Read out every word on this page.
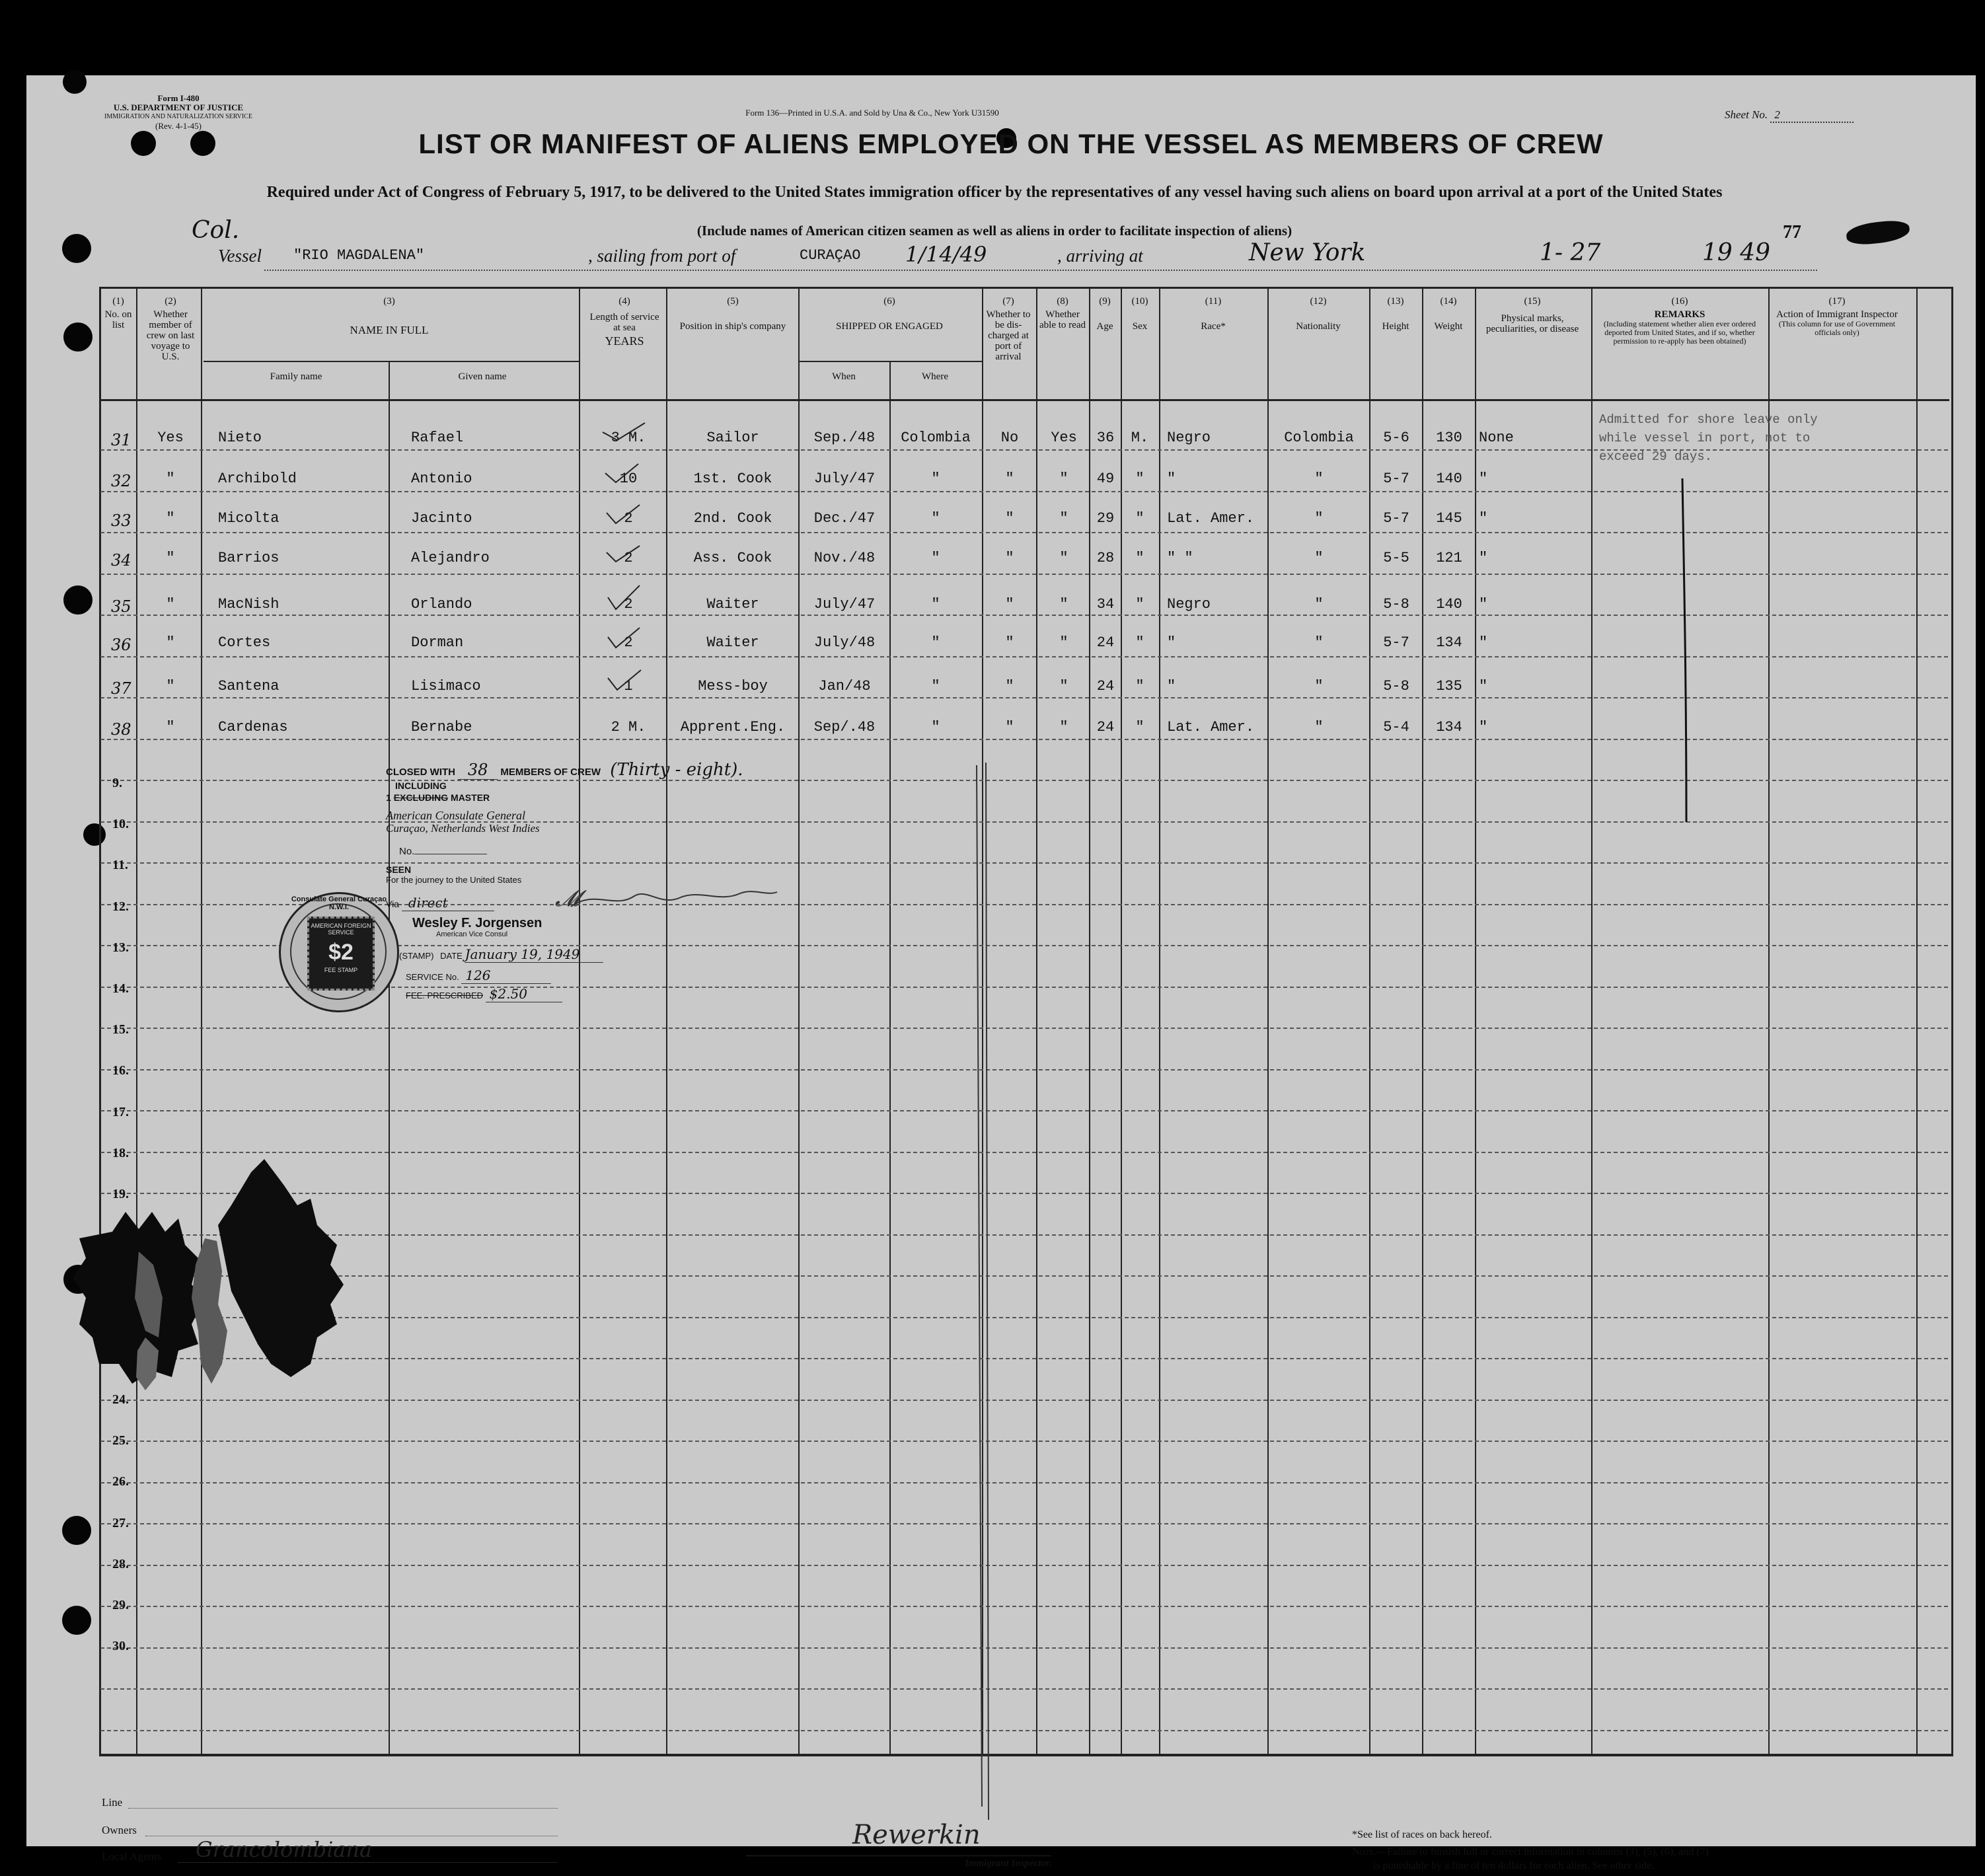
Form I-480
U.S. DEPARTMENT OF JUSTICE
IMMIGRATION AND NATURALIZATION SERVICE
(Rev. 4-1-45)
Form 136—Printed in U.S.A. and Sold by Una & Co., New York U31590	Sheet No. 2
LIST OR MANIFEST OF ALIENS EMPLOYED ON THE VESSEL AS MEMBERS OF CREW
Required under Act of Congress of February 5, 1917, to be delivered to the United States immigration officer by the representatives of any vessel having such aliens on board upon arrival at a port of the United States
(Include names of American citizen seamen as well as aliens in order to facilitate inspection of aliens)
Col.	77
Vessel "RIO MAGDALENA"	, sailing from port of	CURAÇAO 1/14/49	, arriving at	New York	1- 27	19 49
(1)
No. on list
(2)
Whether member of crew on last voyage to U.S.
(3)
NAME IN FULL
Family name	Given name
(4)
Length of service at sea
YEARS
(5)
Position in ship's company
(6)
SHIPPED OR ENGAGED
When	Where
(7)
Whether to be dis-charged at port of arrival
(8)
Whether able to read
(9)
Age
(10)
Sex
(11)
Race*
(12)
Nationality
(13)
Height
(14)
Weight
(15)
Physical marks, peculiarities, or disease
(16)
REMARKS
(Including statement whether alien ever ordered deported from United States, and if so, whether permission to re-apply has been obtained)
(17)
Action of Immigrant Inspector
(This column for use of Government officials only)
31	Yes	Nieto	Rafael	3 M.	Sailor	Sep./48	Colombia	No	Yes	36	M.	Negro	Colombia	5-6	130	None
32	"	Archibold	Antonio	10	1st. Cook	July/47	"	"	"	49	"	"	"	5-7	140	"
33	"	Micolta	Jacinto	2	2nd. Cook	Dec./47	"	"	"	29	"	Lat. Amer.	"	5-7	145	"
34	"	Barrios	Alejandro	2	Ass. Cook	Nov./48	"	"	"	28	"	" "	"	5-5	121	"
35	"	MacNish	Orlando	2	Waiter	July/47	"	"	"	34	"	Negro	"	5-8	140	"
36	"	Cortes	Dorman	2	Waiter	July/48	"	"	"	24	"	"	"	5-7	134	"
37	"	Santena	Lisimaco	1	Mess-boy	Jan/48	"	"	"	24	"	"	"	5-8	135	"
38	"	Cardenas	Bernabe	2 M.	Apprent.Eng.	Sep/.48	"	"	"	24	"	Lat. Amer.	"	5-4	134	"
9.
10.
11.
12.
13.
14.
15.
16.
17.
18.
19.
24.
25.
26.
27.
28.
29.
30.
Admitted for shore leave only
while vessel in port, not to
exceed 29 days.
CLOSED WITH 38 MEMBERS OF CREW (Thirty - eight).
INCLUDING
1 EXCLUDING MASTER
American Consulate General
Curaçao, Netherlands West Indies
No.
SEEN
For the journey to the United States
Via direct	𝓜
Wesley F. Jorgensen
American Vice Consul
(STAMP) DATE January 19, 1949
SERVICE No. 126
FEE. PRESCRIBED $2.50
Consulate General Curaçao N.W.I.
AMERICAN FOREIGN SERVICE
$2
FEE STAMP
Line
Owners
Local Agents Grancolombiana	Rewerkin
Immigrant Inspector.
*See list of races on back hereof.
Note.—Failure to furnish full or correct information in columns (3), (5), (6), and (7)
is punishable by a fine of ten dollars for each alien. See other side.
